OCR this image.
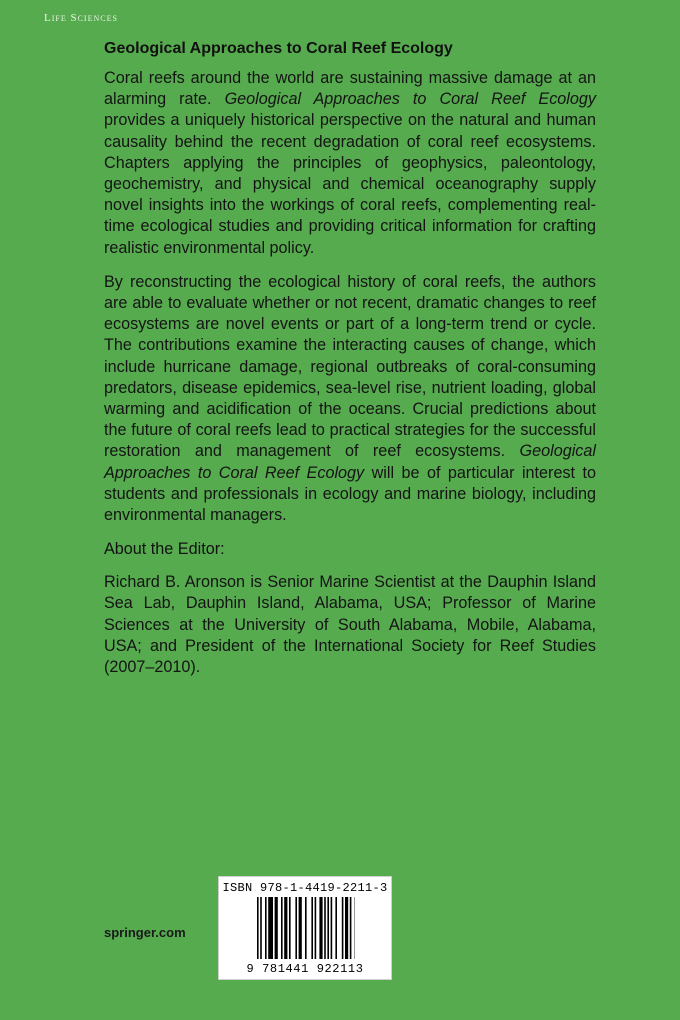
Life Sciences
Geological Approaches to Coral Reef Ecology

Coral reefs around the world are sustaining massive damage at an alarming rate. Geological Approaches to Coral Reef Ecology provides a uniquely historical perspective on the natural and human causality behind the recent degradation of coral reef ecosystems. Chapters applying the principles of geophysics, paleontology, geochemistry, and physical and chemical oceanography supply novel insights into the workings of coral reefs, complementing real-time ecological studies and providing critical information for crafting realistic environmental policy.

By reconstructing the ecological history of coral reefs, the authors are able to evaluate whether or not recent, dramatic changes to reef ecosystems are novel events or part of a long-term trend or cycle. The contributions examine the interacting causes of change, which include hurricane damage, regional outbreaks of coral-consuming predators, disease epidemics, sea-level rise, nutrient loading, global warming and acidification of the oceans. Crucial predictions about the future of coral reefs lead to practical strategies for the successful restoration and management of reef ecosystems. Geological Approaches to Coral Reef Ecology will be of particular interest to students and professionals in ecology and marine biology, including environmental managers.

About the Editor:

Richard B. Aronson is Senior Marine Scientist at the Dauphin Island Sea Lab, Dauphin Island, Alabama, USA; Professor of Marine Sciences at the University of South Alabama, Mobile, Alabama, USA; and President of the International Society for Reef Studies (2007–2010).

springer.com
ISBN 978-1-4419-2211-3
9 781441 922113
